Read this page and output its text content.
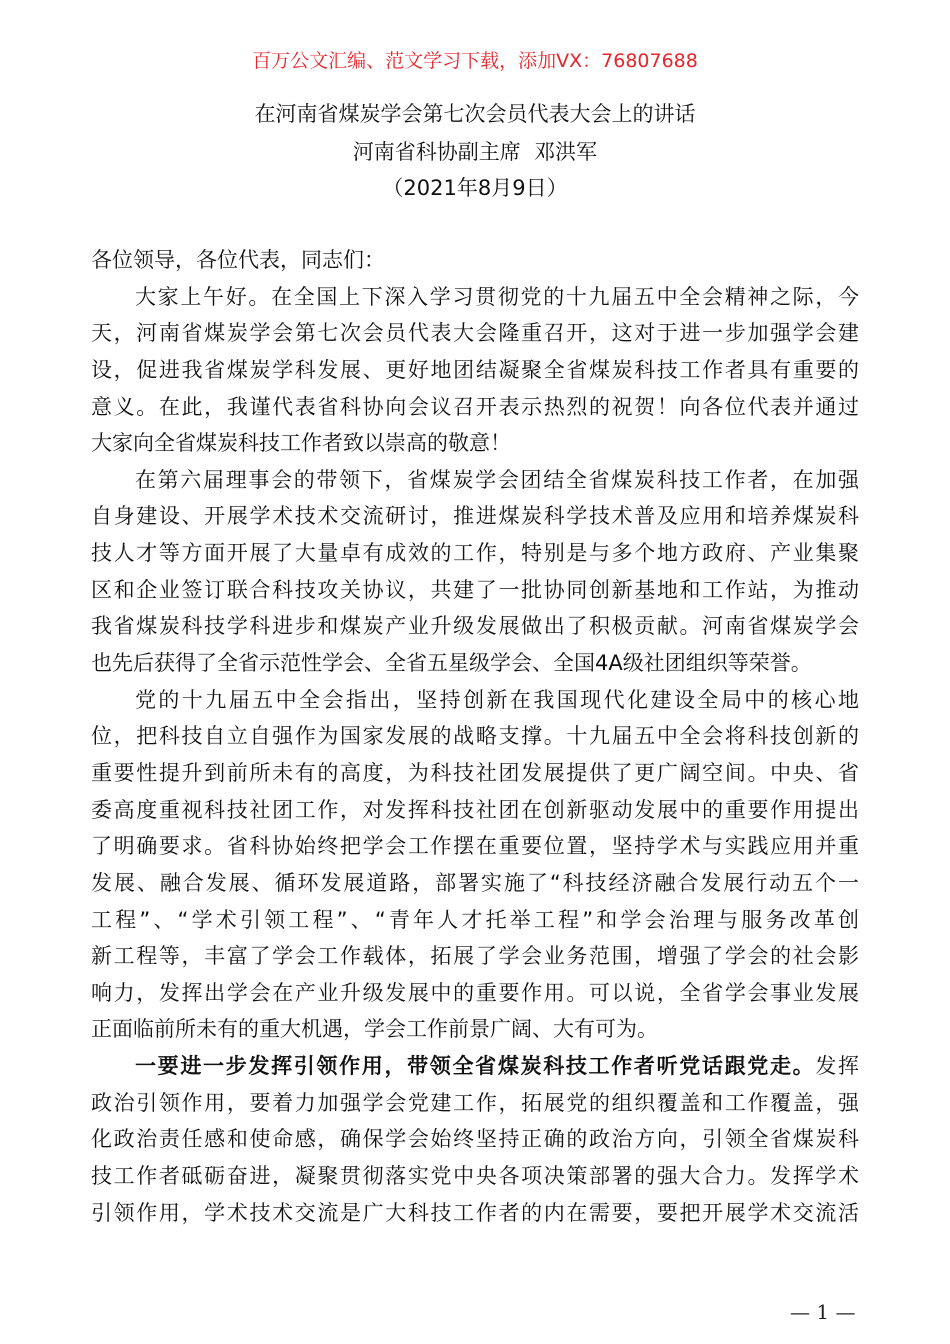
百万公文汇编、范文学习下载，添加VX：76807688
在河南省煤炭学会第七次会员代表大会上的讲话
河南省科协副主席  邓洪军
（2021年8月9日）
各位领导，各位代表，同志们：
大家上午好。在全国上下深入学习贯彻党的十九届五中全会精神之际，今
天，河南省煤炭学会第七次会员代表大会隆重召开，这对于进一步加强学会建
设，促进我省煤炭学科发展、更好地团结凝聚全省煤炭科技工作者具有重要的
意义。在此，我谨代表省科协向会议召开表示热烈的祝贺！向各位代表并通过
大家向全省煤炭科技工作者致以崇高的敬意！
在第六届理事会的带领下，省煤炭学会团结全省煤炭科技工作者，在加强
自身建设、开展学术技术交流研讨，推进煤炭科学技术普及应用和培养煤炭科
技人才等方面开展了大量卓有成效的工作，特别是与多个地方政府、产业集聚
区和企业签订联合科技攻关协议，共建了一批协同创新基地和工作站，为推动
我省煤炭科技学科进步和煤炭产业升级发展做出了积极贡献。河南省煤炭学会
也先后获得了全省示范性学会、全省五星级学会、全国4A级社团组织等荣誉。
党的十九届五中全会指出，坚持创新在我国现代化建设全局中的核心地
位，把科技自立自强作为国家发展的战略支撑。十九届五中全会将科技创新的
重要性提升到前所未有的高度，为科技社团发展提供了更广阔空间。中央、省
委高度重视科技社团工作，对发挥科技社团在创新驱动发展中的重要作用提出
了明确要求。省科协始终把学会工作摆在重要位置，坚持学术与实践应用并重
发展、融合发展、循环发展道路，部署实施了“科技经济融合发展行动五个一
工程”、“学术引领工程”、“青年人才托举工程”和学会治理与服务改革创
新工程等，丰富了学会工作载体，拓展了学会业务范围，增强了学会的社会影
响力，发挥出学会在产业升级发展中的重要作用。可以说，全省学会事业发展
正面临前所未有的重大机遇，学会工作前景广阔、大有可为。
一要进一步发挥引领作用，带领全省煤炭科技工作者听党话跟党走。发挥
政治引领作用，要着力加强学会党建工作，拓展党的组织覆盖和工作覆盖，强
化政治责任感和使命感，确保学会始终坚持正确的政治方向，引领全省煤炭科
技工作者砥砺奋进，凝聚贯彻落实党中央各项决策部署的强大合力。发挥学术
引领作用，学术技术交流是广大科技工作者的内在需要，要把开展学术交流活
— 1 —
